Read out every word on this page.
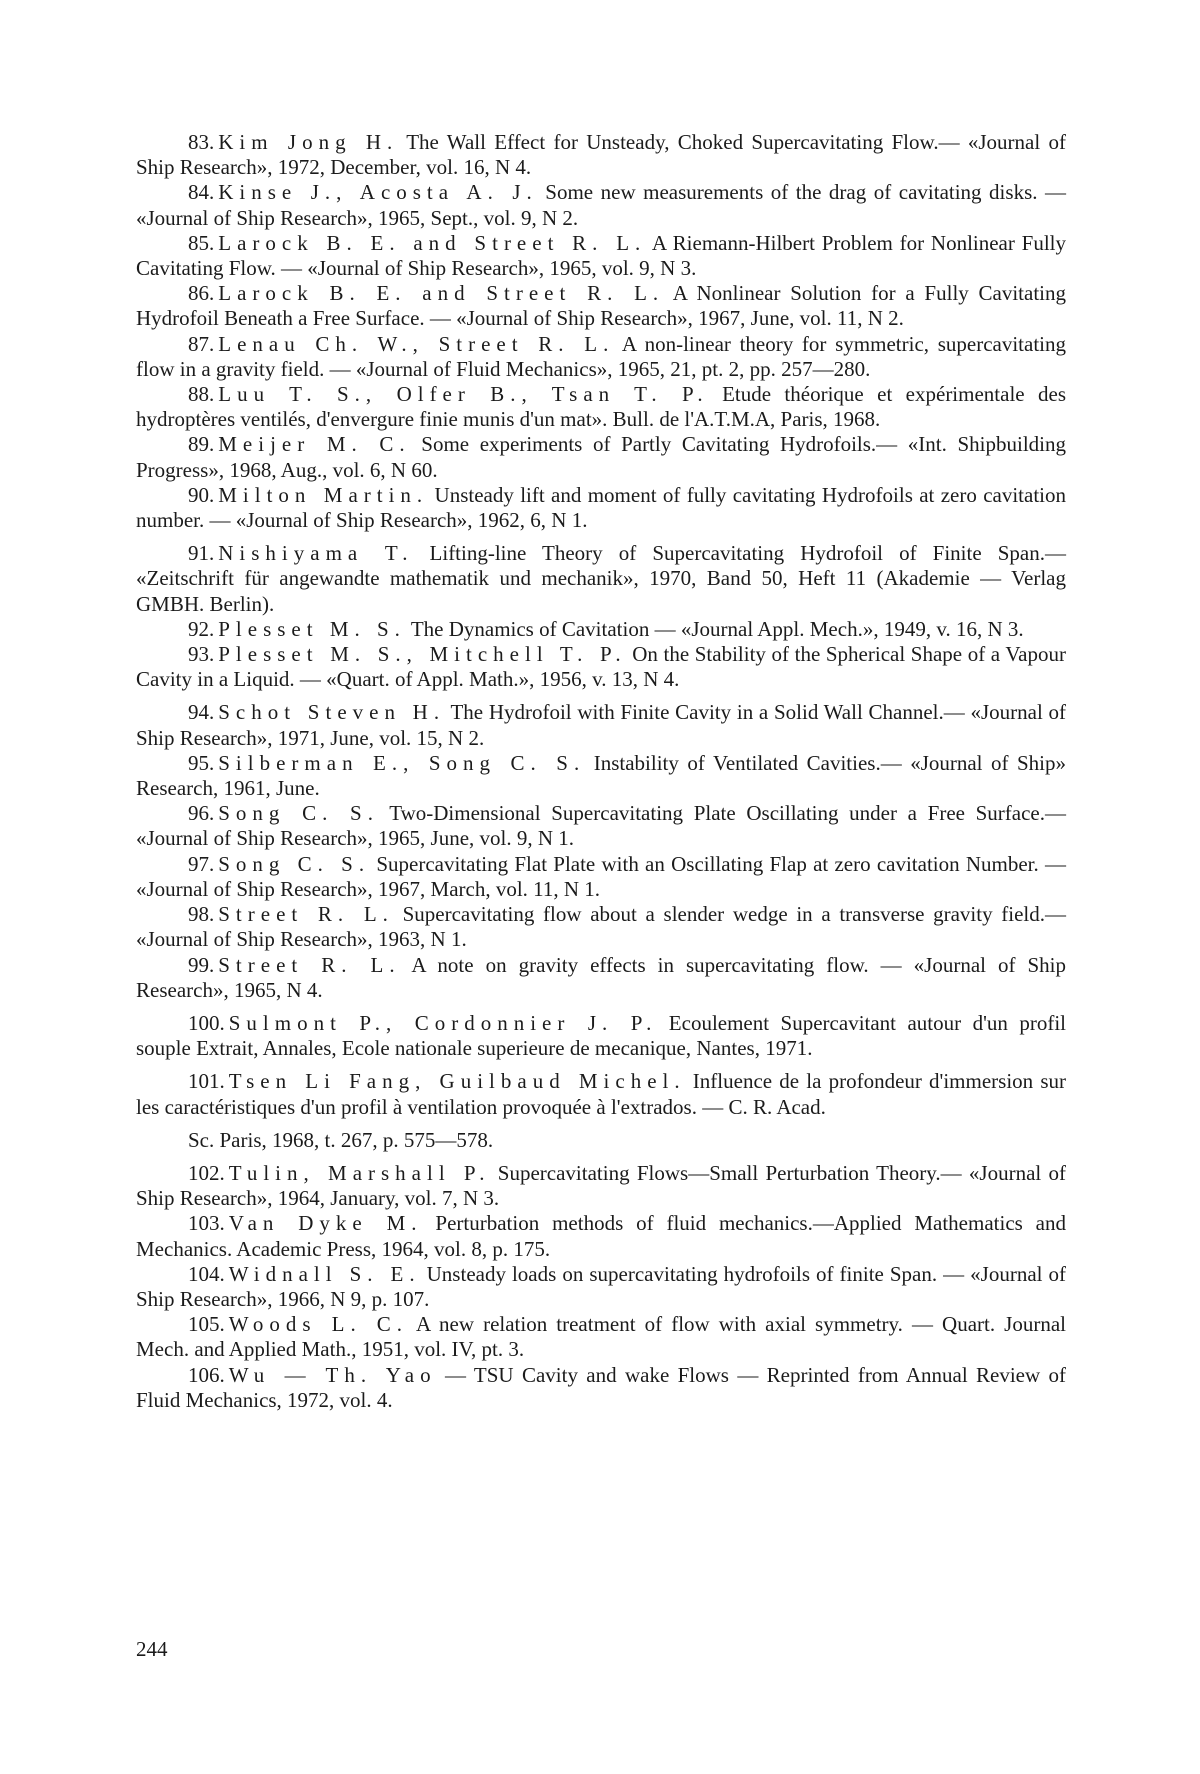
83. Kim Jong H. The Wall Effect for Unsteady, Choked Supercavitating Flow.— «Journal of Ship Research», 1972, December, vol. 16, N 4.

84. Kinse J., Acosta A. J. Some new measurements of the drag of cavitating disks. — «Journal of Ship Research», 1965, Sept., vol. 9, N 2.

85. Larock B. E. and Street R. L. A Riemann-Hilbert Problem for Nonlinear Fully Cavitating Flow. — «Journal of Ship Research», 1965, vol. 9, N 3.

86. Larock B. E. and Street R. L. A Nonlinear Solution for a Fully Cavitating Hydrofoil Beneath a Free Surface. — «Journal of Ship Research», 1967, June, vol. 11, N 2.

87. Lenau Ch. W., Street R. L. A non-linear theory for symmetric, supercavitating flow in a gravity field. — «Journal of Fluid Mechanics», 1965, 21, pt. 2, pp. 257—280.

88. Luu T. S., Olfer B., Tsan T. P. Etude théorique et expérimentale des hydroptères ventilés, d'envergure finie munis d'un mat». Bull. de l'A.T.M.A, Paris, 1968.

89. Meijer M. C. Some experiments of Partly Cavitating Hydrofoils.— «Int. Shipbuilding Progress», 1968, Aug., vol. 6, N 60.

90. Milton Martin. Unsteady lift and moment of fully cavitating Hydrofoils at zero cavitation number. — «Journal of Ship Research», 1962, 6, N 1.

91. Nishiyama T. Lifting-line Theory of Supercavitating Hydrofoil of Finite Span.— «Zeitschrift für angewandte mathematik und mechanik», 1970, Band 50, Heft 11 (Akademie — Verlag GMBH. Berlin).

92. Plesset M. S. The Dynamics of Cavitation — «Journal Appl. Mech.», 1949, v. 16, N 3.

93. Plesset M. S., Mitchell T. P. On the Stability of the Spherical Shape of a Vapour Cavity in a Liquid. — «Quart. of Appl. Math.», 1956, v. 13, N 4.

94. Schot Steven H. The Hydrofoil with Finite Cavity in a Solid Wall Channel.— «Journal of Ship Research», 1971, June, vol. 15, N 2.

95. Silberman E., Song C. S. Instability of Ventilated Cavities.— «Journal of Ship» Research, 1961, June.

96. Song C. S. Two-Dimensional Supercavitating Plate Oscillating under a Free Surface.— «Journal of Ship Research», 1965, June, vol. 9, N 1.

97. Song C. S. Supercavitating Flat Plate with an Oscillating Flap at zero cavitation Number. — «Journal of Ship Research», 1967, March, vol. 11, N 1.

98. Street R. L. Supercavitating flow about a slender wedge in a transverse gravity field.— «Journal of Ship Research», 1963, N 1.

99. Street R. L. A note on gravity effects in supercavitating flow. — «Journal of Ship Research», 1965, N 4.

100. Sulmont P., Cordonnier J. P. Ecoulement Supercavitant autour d'un profil souple Extrait, Annales, Ecole nationale superieure de mecanique, Nantes, 1971.

101. Tsen Li Fang, Guilbaud Michel. Influence de la profondeur d'immersion sur les caractéristiques d'un profil à ventilation provoquée à l'extrados. — C. R. Acad.

Sc. Paris, 1968, t. 267, p. 575—578.

102. Tulin, Marshall P. Supercavitating Flows—Small Perturbation Theory.— «Journal of Ship Research», 1964, January, vol. 7, N 3.

103. Van Dyke M. Perturbation methods of fluid mechanics.—Applied Mathematics and Mechanics. Academic Press, 1964, vol. 8, p. 175.

104. Widnall S. E. Unsteady loads on supercavitating hydrofoils of finite Span. — «Journal of Ship Research», 1966, N 9, p. 107.

105. Woods L. C. A new relation treatment of flow with axial symmetry. — Quart. Journal Mech. and Applied Math., 1951, vol. IV, pt. 3.

106. Wu — Th. Yao — TSU Cavity and wake Flows — Reprinted from Annual Review of Fluid Mechanics, 1972, vol. 4.

244
